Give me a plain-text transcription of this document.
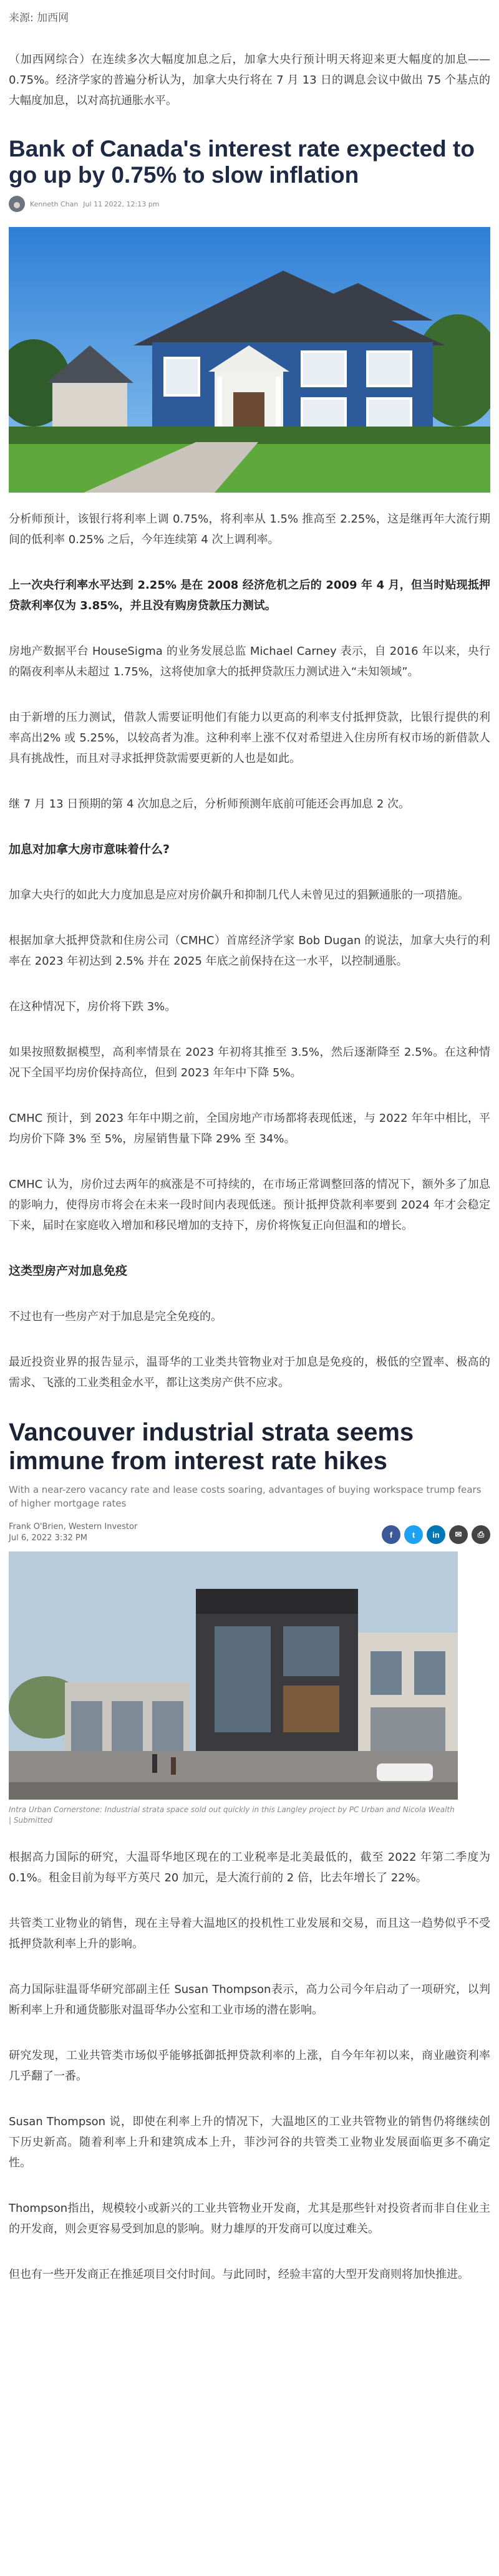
来源: 加西网

（加西网综合）在连续多次大幅度加息之后，加拿大央行预计明天将迎来更大幅度的加息——0.75%。经济学家的普遍分析认为，加拿大央行将在 7 月 13 日的调息会议中做出 75 个基点的大幅度加息，以对高抗通胀水平。

Bank of Canada's interest rate expected to go up by 0.75% to slow inflation
Kenneth Chan Jul 11 2022, 12:13 pm

分析师预计，该银行将利率上调 0.75%，将利率从 1.5% 推高至 2.25%，这是继再年大流行期间的低利率 0.25% 之后，今年连续第 4 次上调利率。

上一次央行利率水平达到 2.25% 是在 2008 经济危机之后的 2009 年 4 月，但当时贴现抵押贷款利率仅为 3.85%，并且没有购房贷款压力测试。

房地产数据平台 HouseSigma 的业务发展总监 Michael Carney 表示，自 2016 年以来，央行的隔夜利率从未超过 1.75%，这将使加拿大的抵押贷款压力测试进入“未知领域”。

由于新增的压力测试，借款人需要证明他们有能力以更高的利率支付抵押贷款，比银行提供的利率高出2% 或 5.25%，以较高者为准。这种利率上涨不仅对希望进入住房所有权市场的新借款人具有挑战性，而且对寻求抵押贷款需要更新的人也是如此。

继 7 月 13 日预期的第 4 次加息之后，分析师预测年底前可能还会再加息 2 次。

加息对加拿大房市意味着什么?

加拿大央行的如此大力度加息是应对房价飙升和抑制几代人未曾见过的猖獗通胀的一项措施。

根据加拿大抵押贷款和住房公司（CMHC）首席经济学家 Bob Dugan 的说法，加拿大央行的利率在 2023 年初达到 2.5% 并在 2025 年底之前保持在这一水平，以控制通胀。

在这种情况下，房价将下跌 3%。

如果按照数据模型，高利率情景在 2023 年初将其推至 3.5%，然后逐渐降至 2.5%。在这种情况下全国平均房价保持高位，但到 2023 年年中下降 5%。

CMHC 预计，到 2023 年年中期之前，全国房地产市场都将表现低迷，与 2022 年年中相比，平均房价下降 3% 至 5%，房屋销售量下降 29% 至 34%。

CMHC 认为，房价过去两年的疯涨是不可持续的，在市场正常调整回落的情况下，额外多了加息的影响力，使得房市将会在未来一段时间内表现低迷。预计抵押贷款利率要到 2024 年才会稳定下来，届时在家庭收入增加和移民增加的支持下，房价将恢复正向但温和的增长。

这类型房产对加息免疫

不过也有一些房产对于加息是完全免疫的。

最近投资业界的报告显示，温哥华的工业类共管物业对于加息是免疫的，极低的空置率、极高的需求、飞涨的工业类租金水平，都让这类房产供不应求。

Vancouver industrial strata seems immune from interest rate hikes
With a near-zero vacancy rate and lease costs soaring, advantages of buying workspace trump fears of higher mortgage rates
Frank O'Brien, Western Investor
Jul 6, 2022 3:32 PM	f	t	in	✉	⎙
Intra Urban Cornerstone: Industrial strata space sold out quickly in this Langley project by PC Urban and Nicola Wealth | Submitted

根据高力国际的研究，大温哥华地区现在的工业税率是北美最低的，截至 2022 年第二季度为 0.1%。租金目前为每平方英尺 20 加元，是大流行前的 2 倍，比去年增长了 22%。

共管类工业物业的销售，现在主导着大温地区的投机性工业发展和交易，而且这一趋势似乎不受抵押贷款利率上升的影响。

高力国际驻温哥华研究部副主任 Susan Thompson表示，高力公司今年启动了一项研究，以判断利率上升和通货膨胀对温哥华办公室和工业市场的潜在影响。

研究发现，工业共管类市场似乎能够抵御抵押贷款利率的上涨，自今年年初以来，商业融资利率几乎翻了一番。

Susan Thompson 说，即使在利率上升的情况下，大温地区的工业共管物业的销售仍将继续创下历史新高。随着利率上升和建筑成本上升，菲沙河谷的共管类工业物业发展面临更多不确定性。

Thompson指出，规模较小或新兴的工业共管物业开发商，尤其是那些针对投资者而非自住业主的开发商，则会更容易受到加息的影响。财力雄厚的开发商可以度过难关。

但也有一些开发商正在推延项目交付时间。与此同时，经验丰富的大型开发商则将加快推进。
